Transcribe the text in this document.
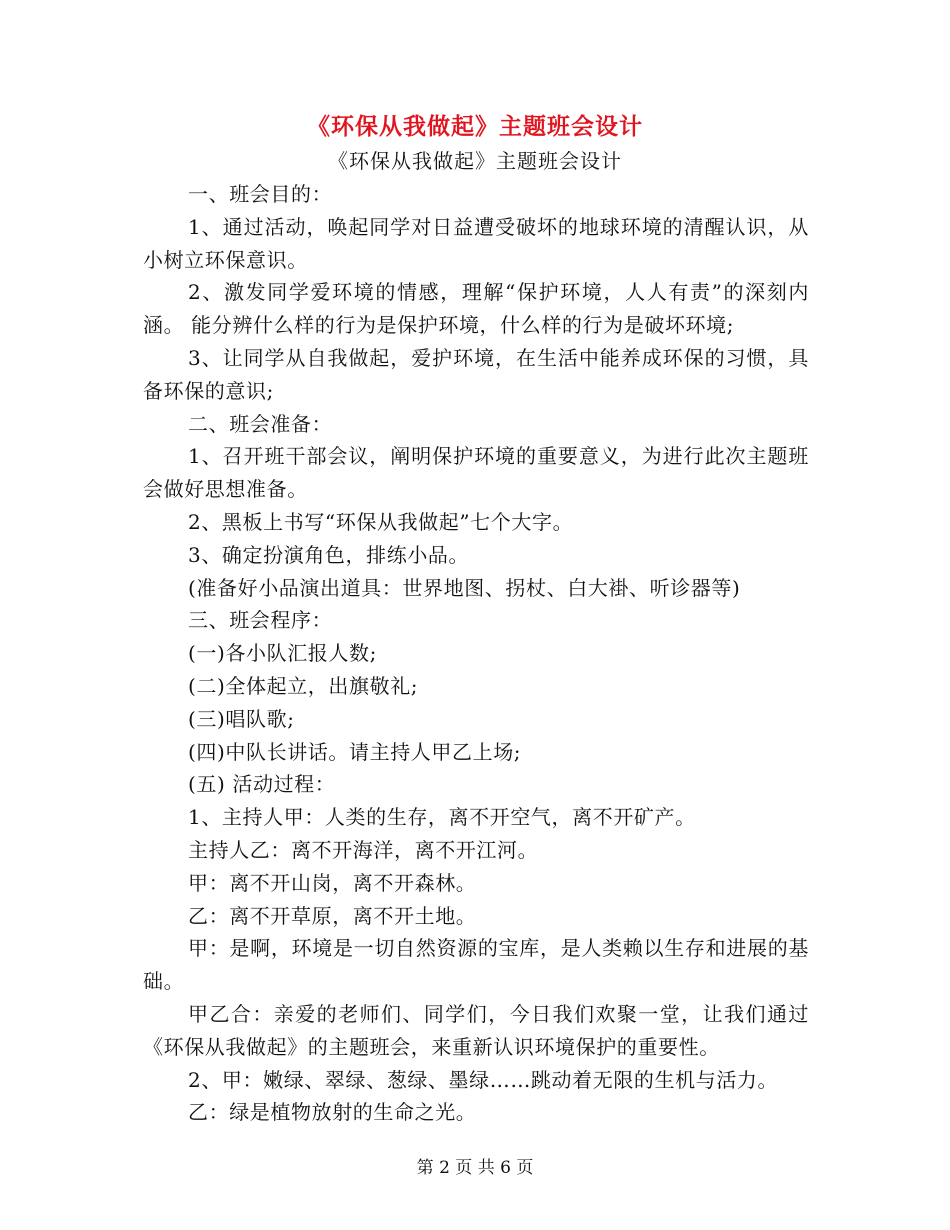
《环保从我做起》主题班会设计
《环保从我做起》主题班会设计

一、班会目的：

1、通过活动，唤起同学对日益遭受破坏的地球环境的清醒认识，从小树立环保意识。

2、激发同学爱环境的情感，理解“保护环境，人人有责”的深刻内涵。 能分辨什么样的行为是保护环境，什么样的行为是破坏环境;

3、让同学从自我做起，爱护环境，在生活中能养成环保的习惯，具备环保的意识;

二、班会准备：

1、召开班干部会议，阐明保护环境的重要意义，为进行此次主题班会做好思想准备。

2、黑板上书写“环保从我做起”七个大字。

3、确定扮演角色，排练小品。

(准备好小品演出道具：世界地图、拐杖、白大褂、听诊器等)

三、班会程序：

(一)各小队汇报人数;

(二)全体起立，出旗敬礼;

(三)唱队歌;

(四)中队长讲话。请主持人甲乙上场;

(五) 活动过程：

1、主持人甲：人类的生存，离不开空气，离不开矿产。

主持人乙：离不开海洋，离不开江河。

甲：离不开山岗，离不开森林。

乙：离不开草原，离不开土地。

甲：是啊，环境是一切自然资源的宝库，是人类赖以生存和进展的基础。

甲乙合：亲爱的老师们、同学们，今日我们欢聚一堂，让我们通过《环保从我做起》的主题班会，来重新认识环境保护的重要性。

2、甲：嫩绿、翠绿、葱绿、墨绿……跳动着无限的生机与活力。

乙：绿是植物放射的生命之光。

第 2 页 共 6 页
